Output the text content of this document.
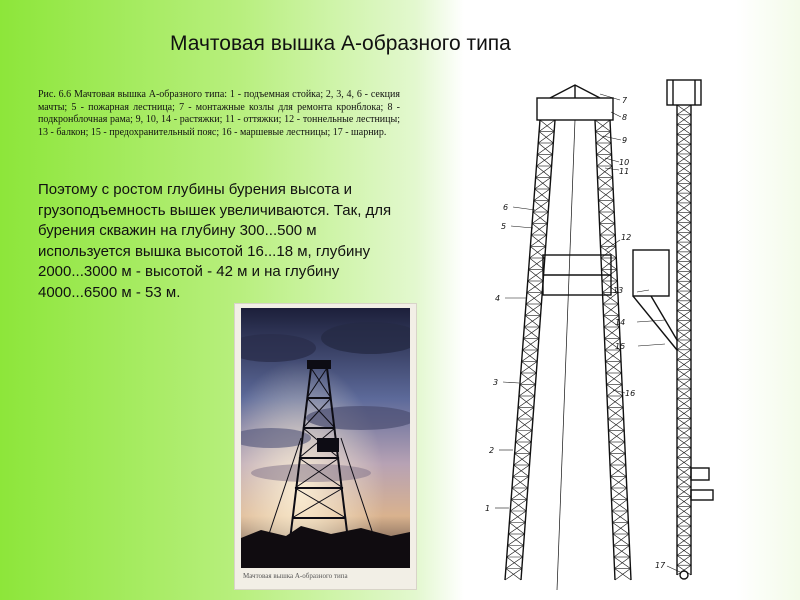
Мачтовая вышка А-образного типа
Рис. 6.6 Мачтовая вышка А-образного типа: 1 - подъемная стойка; 2, 3, 4, 6 - секция мачты; 5 - пожарная лестница; 7 - монтажные козлы для ремонта кронблока; 8 - подкронблочная рама; 9, 10, 14 - растяжки; 11 - оттяжки; 12 - тоннельные лестницы; 13 - балкон; 15 - предохранительный пояс; 16 - маршевые лестницы; 17 - шарнир.
Поэтому с ростом глубины бурения высота и грузоподъемность вышек увеличиваются. Так, для бурения скважин на глубину 300...500 м используется вышка высотой 16...18 м, глубину 2000...3000 м - высотой - 42 м и на глубину 4000...6500 м - 53 м.
Мачтовая вышка А-образного типа
7
8
9
10
11
6
5
12
4
13
14
15
3
16
2
1
17
